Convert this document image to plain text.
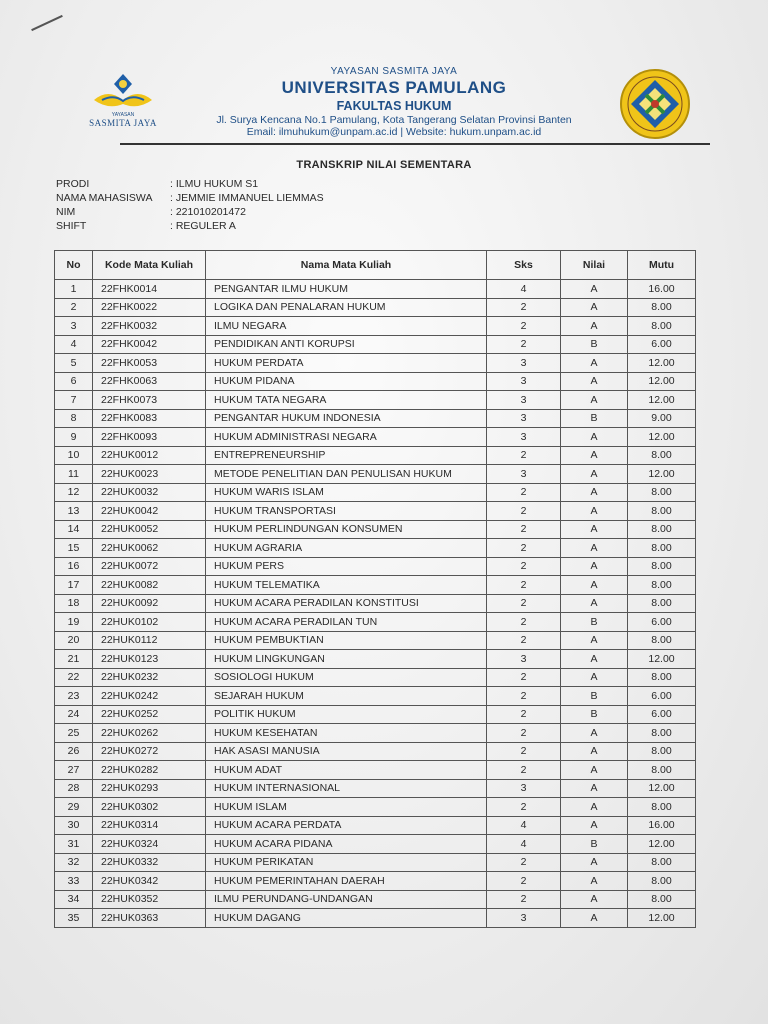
YAYASAN
SASMITA JAYA
YAYASAN SASMITA JAYA
UNIVERSITAS PAMULANG
FAKULTAS HUKUM
Jl. Surya Kencana No.1 Pamulang, Kota Tangerang Selatan Provinsi Banten
Email: ilmuhukum@unpam.ac.id | Website: hukum.unpam.ac.id
TRANSKRIP NILAI SEMENTARA
PRODI	: ILMU HUKUM S1
NAMA MAHASISWA	: JEMMIE IMMANUEL LIEMMAS
NIM	: 221010201472
SHIFT	: REGULER A
No	Kode Mata Kuliah	Nama Mata Kuliah	Sks	Nilai	Mutu
1	22FHK0014	PENGANTAR ILMU HUKUM	4	A	16.00
2	22FHK0022	LOGIKA DAN PENALARAN HUKUM	2	A	8.00
3	22FHK0032	ILMU NEGARA	2	A	8.00
4	22FHK0042	PENDIDIKAN ANTI KORUPSI	2	B	6.00
5	22FHK0053	HUKUM PERDATA	3	A	12.00
6	22FHK0063	HUKUM PIDANA	3	A	12.00
7	22FHK0073	HUKUM TATA NEGARA	3	A	12.00
8	22FHK0083	PENGANTAR HUKUM INDONESIA	3	B	9.00
9	22FHK0093	HUKUM ADMINISTRASI NEGARA	3	A	12.00
10	22HUK0012	ENTREPRENEURSHIP	2	A	8.00
11	22HUK0023	METODE PENELITIAN DAN PENULISAN HUKUM	3	A	12.00
12	22HUK0032	HUKUM WARIS ISLAM	2	A	8.00
13	22HUK0042	HUKUM TRANSPORTASI	2	A	8.00
14	22HUK0052	HUKUM PERLINDUNGAN KONSUMEN	2	A	8.00
15	22HUK0062	HUKUM AGRARIA	2	A	8.00
16	22HUK0072	HUKUM PERS	2	A	8.00
17	22HUK0082	HUKUM TELEMATIKA	2	A	8.00
18	22HUK0092	HUKUM ACARA PERADILAN KONSTITUSI	2	A	8.00
19	22HUK0102	HUKUM ACARA PERADILAN TUN	2	B	6.00
20	22HUK0112	HUKUM PEMBUKTIAN	2	A	8.00
21	22HUK0123	HUKUM LINGKUNGAN	3	A	12.00
22	22HUK0232	SOSIOLOGI HUKUM	2	A	8.00
23	22HUK0242	SEJARAH HUKUM	2	B	6.00
24	22HUK0252	POLITIK HUKUM	2	B	6.00
25	22HUK0262	HUKUM KESEHATAN	2	A	8.00
26	22HUK0272	HAK ASASI MANUSIA	2	A	8.00
27	22HUK0282	HUKUM ADAT	2	A	8.00
28	22HUK0293	HUKUM INTERNASIONAL	3	A	12.00
29	22HUK0302	HUKUM ISLAM	2	A	8.00
30	22HUK0314	HUKUM ACARA PERDATA	4	A	16.00
31	22HUK0324	HUKUM ACARA PIDANA	4	B	12.00
32	22HUK0332	HUKUM PERIKATAN	2	A	8.00
33	22HUK0342	HUKUM PEMERINTAHAN DAERAH	2	A	8.00
34	22HUK0352	ILMU PERUNDANG-UNDANGAN	2	A	8.00
35	22HUK0363	HUKUM DAGANG	3	A	12.00
